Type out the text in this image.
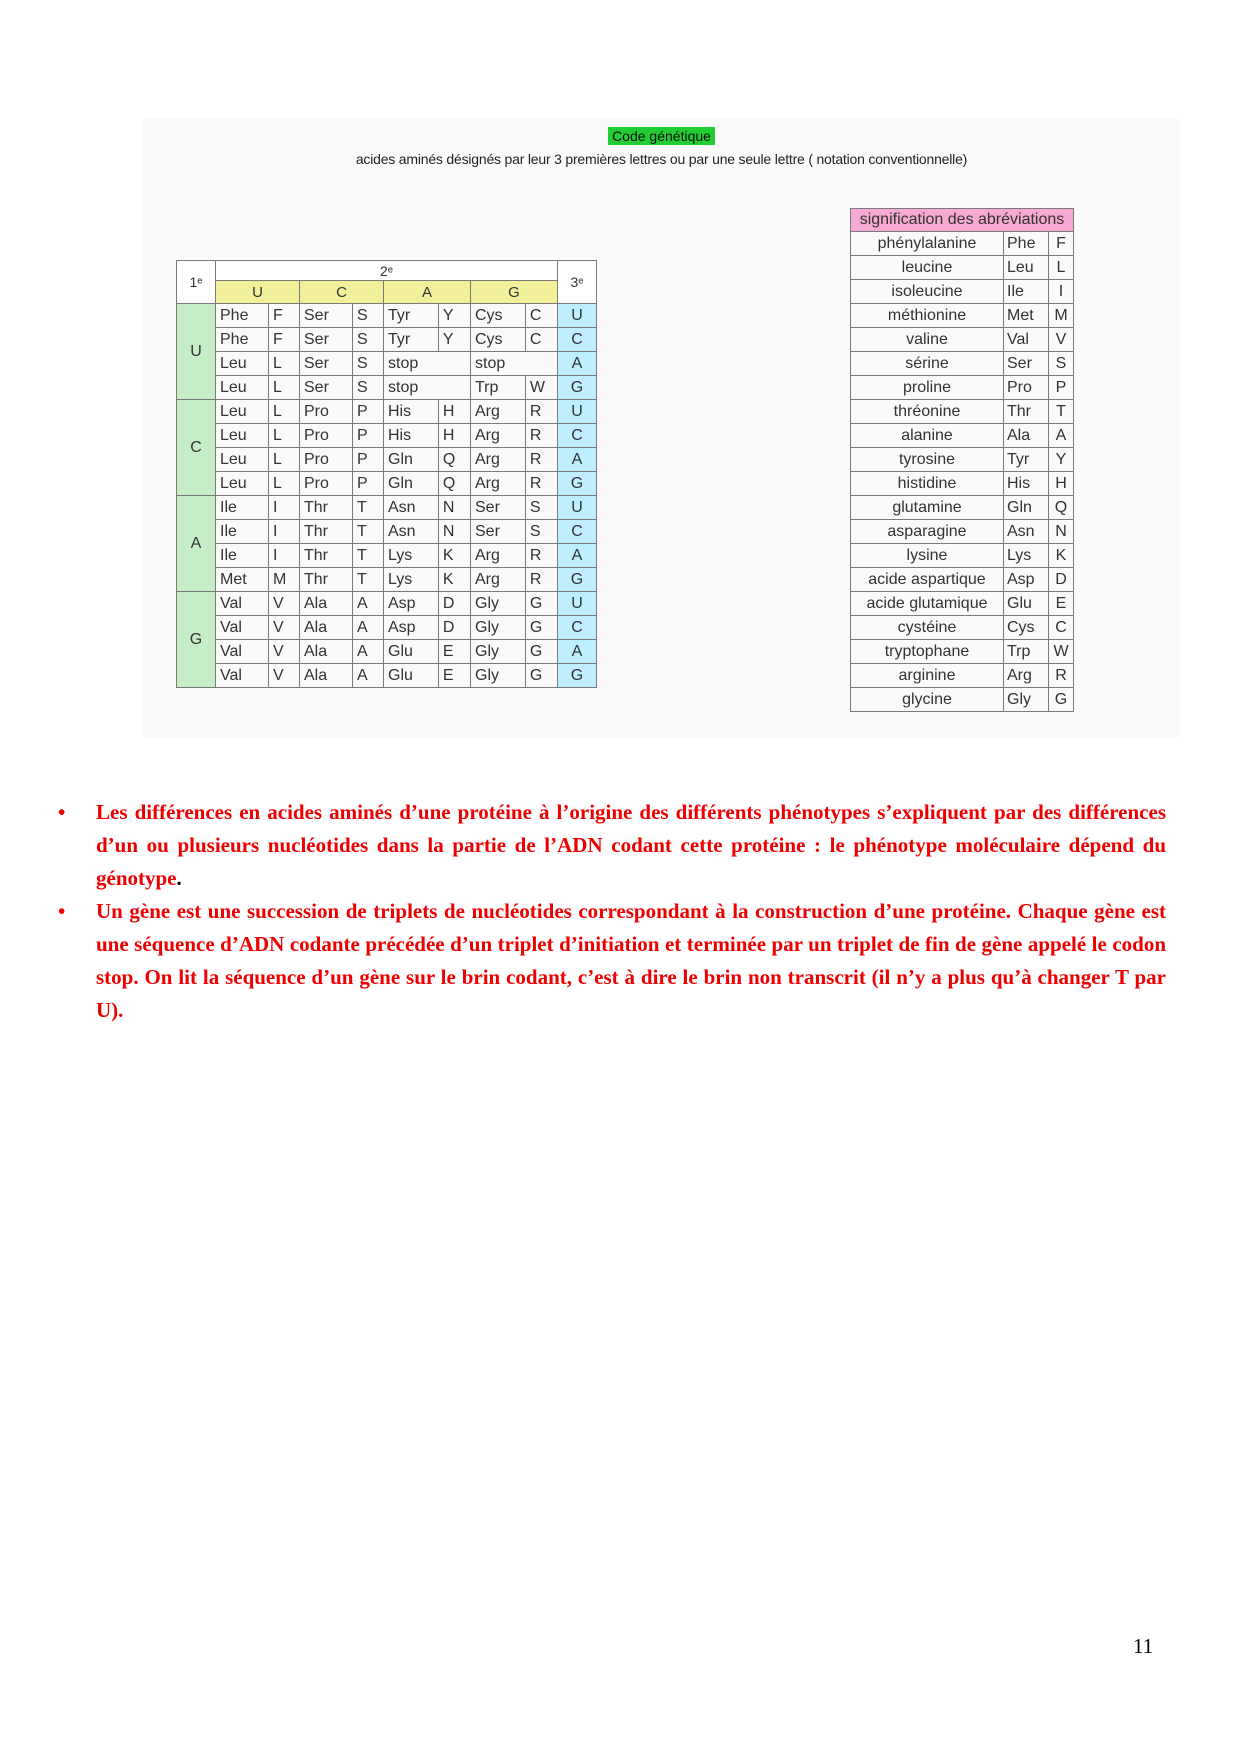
Code génétique
acides aminés désignés par leur 3 premières lettres ou par une seule lettre ( notation conventionnelle)
1ᵉ	2ᵉ								3ᵉ
	U		C		A		G		
U	Phe	F	Ser	S	Tyr	Y	Cys	C	U
	Phe	F	Ser	S	Tyr	Y	Cys	C	C
	Leu	L	Ser	S	stop		stop		A
	Leu	L	Ser	S	stop		Trp	W	G
C	Leu	L	Pro	P	His	H	Arg	R	U
	Leu	L	Pro	P	His	H	Arg	R	C
	Leu	L	Pro	P	Gln	Q	Arg	R	A
	Leu	L	Pro	P	Gln	Q	Arg	R	G
A	Ile	I	Thr	T	Asn	N	Ser	S	U
	Ile	I	Thr	T	Asn	N	Ser	S	C
	Ile	I	Thr	T	Lys	K	Arg	R	A
	Met	M	Thr	T	Lys	K	Arg	R	G
G	Val	V	Ala	A	Asp	D	Gly	G	U
	Val	V	Ala	A	Asp	D	Gly	G	C
	Val	V	Ala	A	Glu	E	Gly	G	A
	Val	V	Ala	A	Glu	E	Gly	G	G
signification des abréviations		
phénylalanine	Phe	F
leucine	Leu	L
isoleucine	Ile	I
méthionine	Met	M
valine	Val	V
sérine	Ser	S
proline	Pro	P
thréonine	Thr	T
alanine	Ala	A
tyrosine	Tyr	Y
histidine	His	H
glutamine	Gln	Q
asparagine	Asn	N
lysine	Lys	K
acide aspartique	Asp	D
acide glutamique	Glu	E
cystéine	Cys	C
tryptophane	Trp	W
arginine	Arg	R
glycine	Gly	G
• Les différences en acides aminés d’une protéine à l’origine des différents phénotypes s’expliquent par des différences d’un ou plusieurs nucléotides dans la partie de l’ADN codant cette protéine : le phénotype moléculaire dépend du génotype.
• Un gène est une succession de triplets de nucléotides correspondant à la construction d’une protéine. Chaque gène est une séquence d’ADN codante précédée d’un triplet d’initiation et terminée par un triplet de fin de gène appelé le codon stop. On lit la séquence d’un gène sur le brin codant, c’est à dire le brin non transcrit (il n’y a plus qu’à changer T par U).
11
